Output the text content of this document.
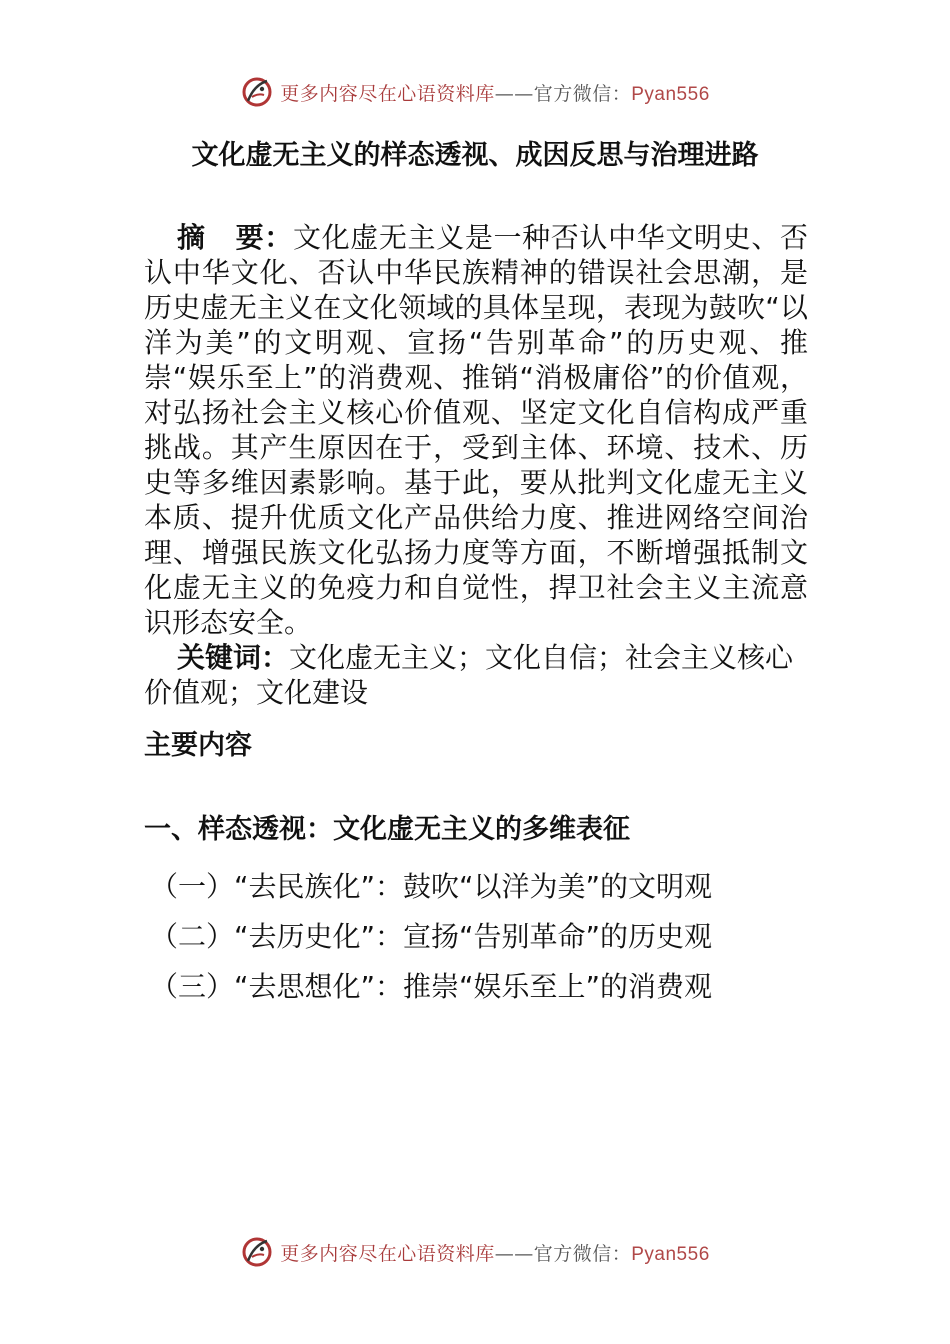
更多内容尽在心语资料库——官方微信：Pyan556
文化虚无主义的样态透视、成因反思与治理进路

摘要：文化虚无主义是一种否认中华文明史、否认中华文化、否认中华民族精神的错误社会思潮，是历史虚无主义在文化领域的具体呈现，表现为鼓吹“以洋为美”的文明观、宣扬“告别革命”的历史观、推崇“娱乐至上”的消费观、推销“消极庸俗”的价值观，对弘扬社会主义核心价值观、坚定文化自信构成严重挑战。其产生原因在于，受到主体、环境、技术、历史等多维因素影响。基于此，要从批判文化虚无主义本质、提升优质文化产品供给力度、推进网络空间治理、增强民族文化弘扬力度等方面，不断增强抵制文化虚无主义的免疫力和自觉性，捍卫社会主义主流意识形态安全。

关键词：文化虚无主义；文化自信；社会主义核心价值观；文化建设

主要内容
一、样态透视：文化虚无主义的多维表征
（一）“去民族化”：鼓吹“以洋为美”的文明观
（二）“去历史化”：宣扬“告别革命”的历史观
（三）“去思想化”：推崇“娱乐至上”的消费观
更多内容尽在心语资料库——官方微信：Pyan556
